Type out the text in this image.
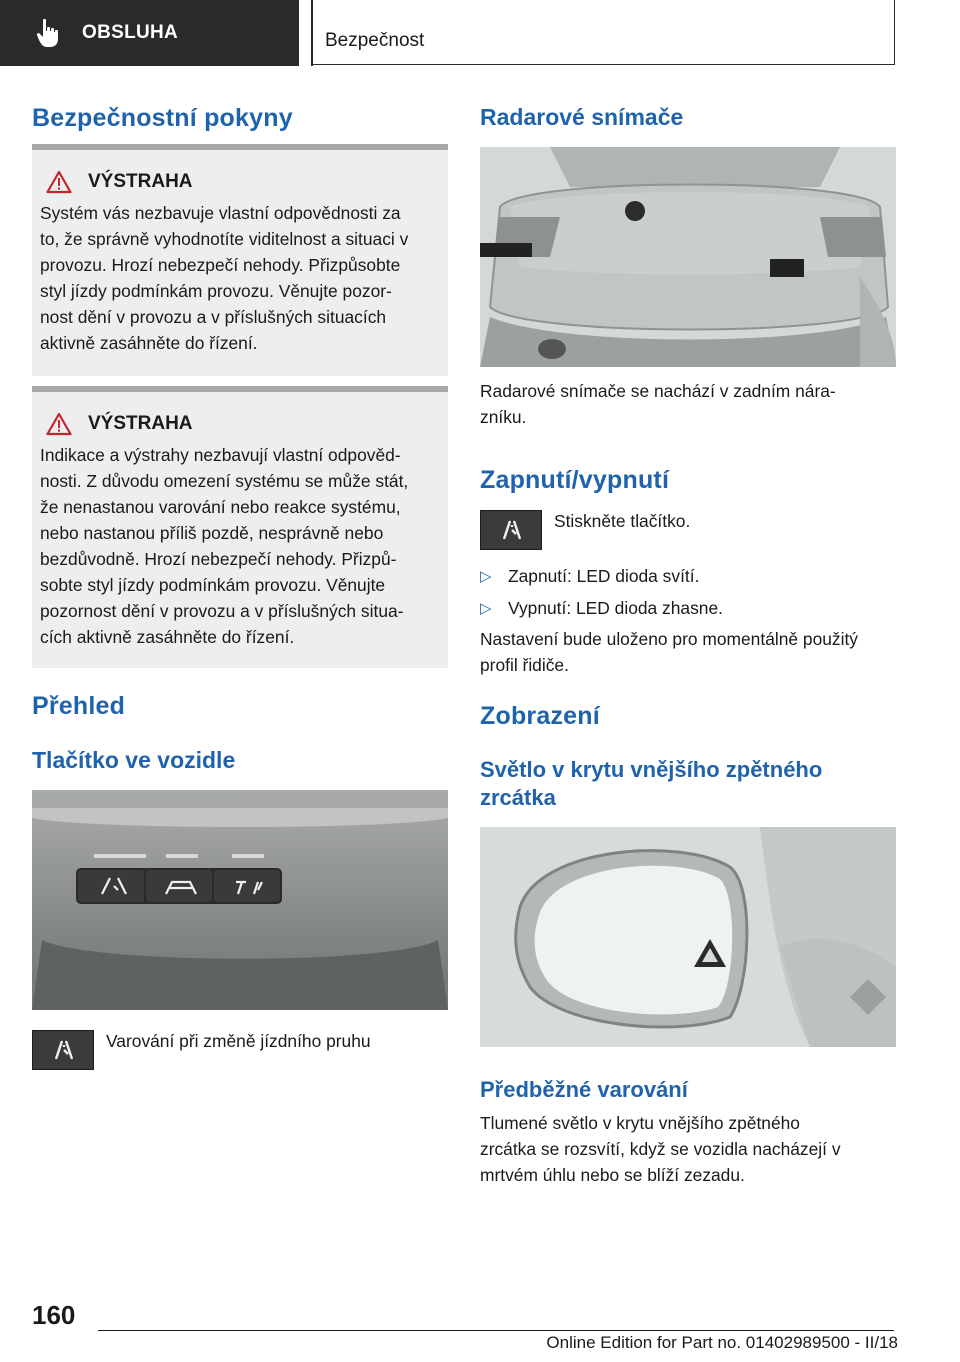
OBSLUHA	Bezpečnost
Bezpečnostní pokyny
VÝSTRAHA

Systém vás nezbavuje vlastní odpovědnosti za
to, že správně vyhodnotíte viditelnost a situaci v
provozu. Hrozí nebezpečí nehody. Přizpůsobte
styl jízdy podmínkám provozu. Věnujte pozor‐
nost dění v provozu a v příslušných situacích
aktivně zasáhněte do řízení.

VÝSTRAHA

Indikace a výstrahy nezbavují vlastní odpověd‐
nosti. Z důvodu omezení systému se může stát,
že nenastanou varování nebo reakce systému,
nebo nastanou příliš pozdě, nesprávně nebo
bezdůvodně. Hrozí nebezpečí nehody. Přizpů‐
sobte styl jízdy podmínkám provozu. Věnujte
pozornost dění v provozu a v příslušných situa‐
cích aktivně zasáhněte do řízení.

Přehled
Tlačítko ve vozidle
Varování při změně jízdního pruhu
Radarové snímače

Radarové snímače se nachází v zadním nára‐
zníku.

Zapnutí/vypnutí
Stiskněte tlačítko.
▷ Zapnutí: LED dioda svítí.
▷ Vypnutí: LED dioda zhasne.

Nastavení bude uloženo pro momentálně použitý
profil řidiče.

Zobrazení
Světlo v krytu vnějšího zpětného
zrcátka
Předběžné varování

Tlumené světlo v krytu vnějšího zpětného
zrcátka se rozsvítí, když se vozidla nacházejí v
mrtvém úhlu nebo se blíží zezadu.

160
Online Edition for Part no. 01402989500 - II/18
